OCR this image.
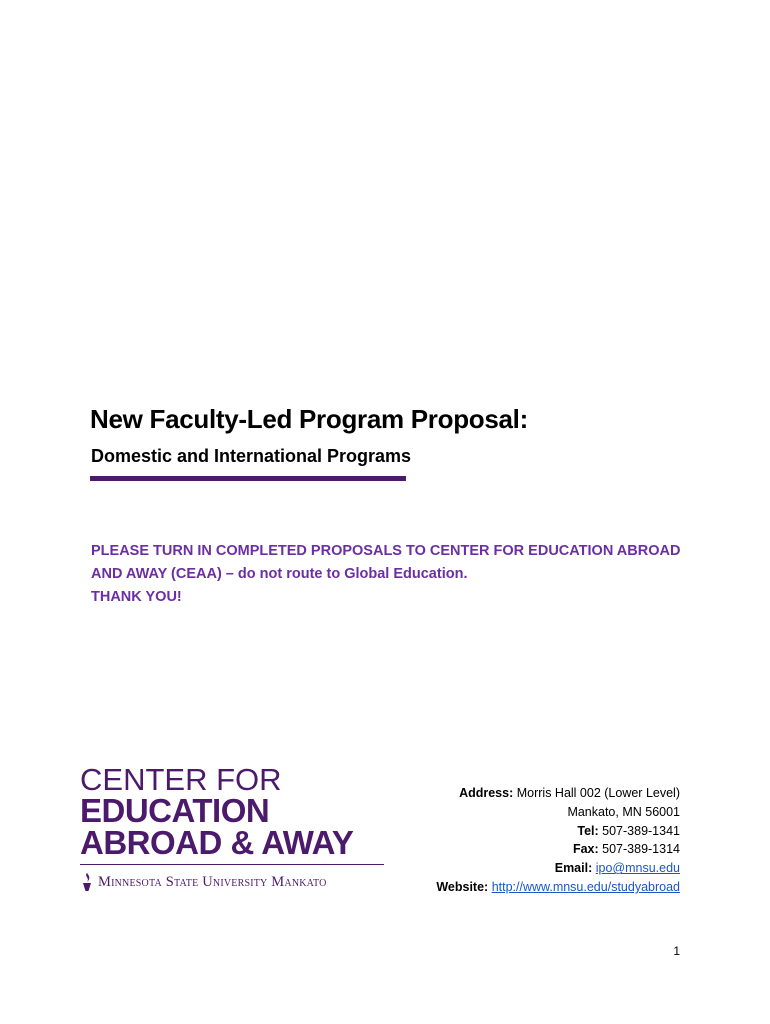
New Faculty-Led Program Proposal:
Domestic and International Programs
PLEASE TURN IN COMPLETED PROPOSALS TO CENTER FOR EDUCATION ABROAD
AND AWAY (CEAA) – do not route to Global Education.
THANK YOU!
CENTER FOR
EDUCATION
ABROAD & AWAY
Minnesota State University Mankato
Address: Morris Hall 002 (Lower Level)
Mankato, MN 56001
Tel: 507-389-1341
Fax: 507-389-1314
Email: ipo@mnsu.edu
Website: http://www.mnsu.edu/studyabroad
1
